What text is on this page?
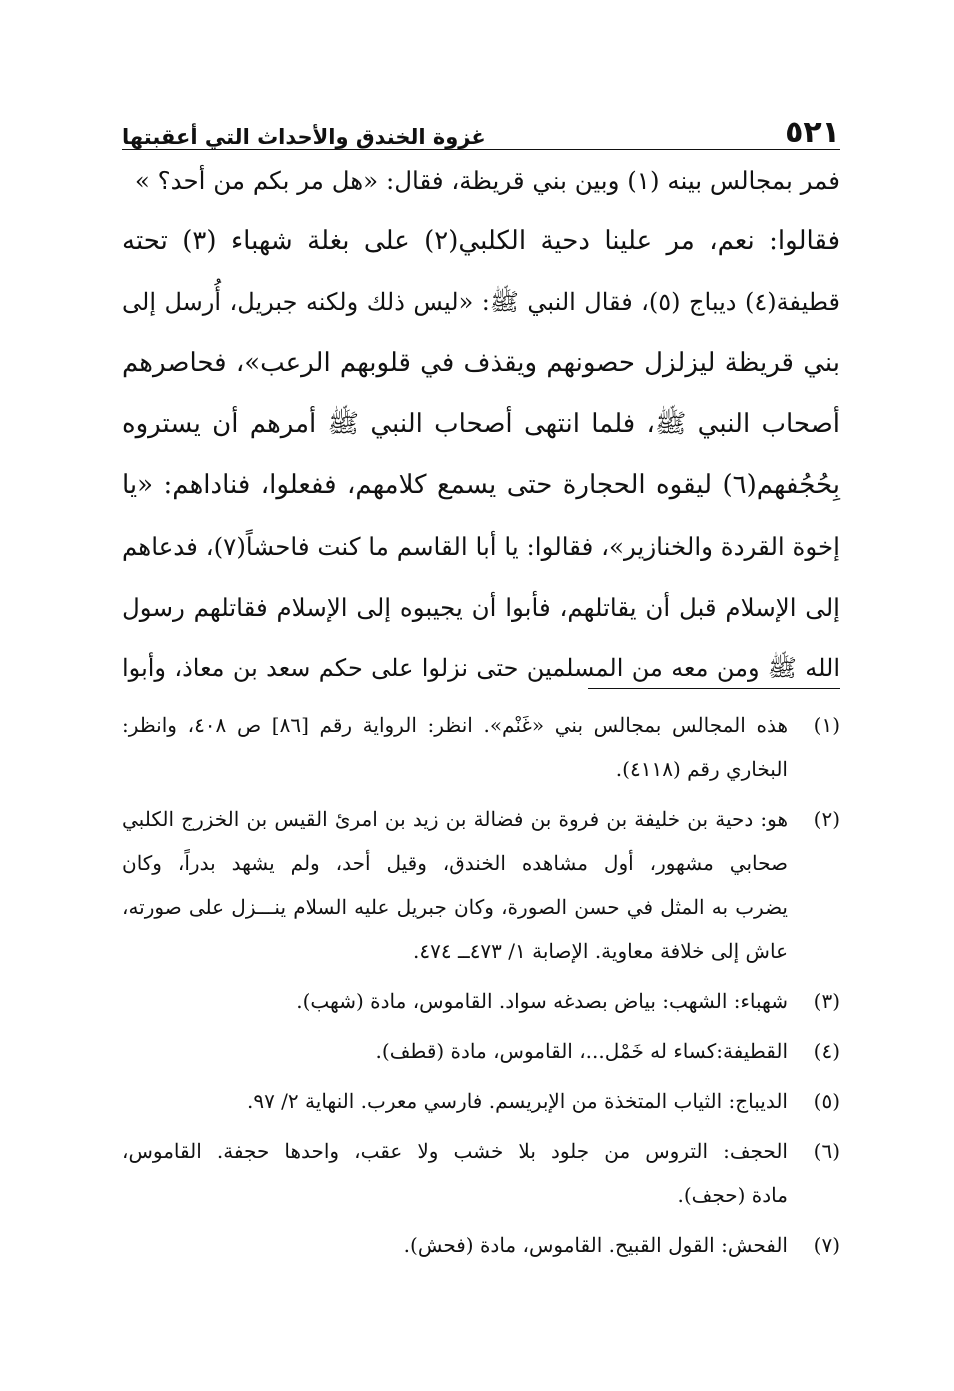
٥٢١
غزوة الخندق والأحداث التي أعقبتها
فمر بمجالس بينه (١) وبين بني قريظة، فقال: «هل مر بكم من أحد؟ »
فقالوا: نعم، مر علينا دحية الكلبي(٢) على بغلة شهباء (٣) تحته
قطيفة(٤) ديباج (٥)، فقال النبي ﷺ: «ليس ذلك ولكنه جبريل، أُرسل إلى
بني قريظة ليزلزل حصونهم ويقذف في قلوبهم الرعب»، فحاصرهم
أصحاب النبي ﷺ، فلما انتهى أصحاب النبي ﷺ أمرهم أن يستروه
بِحُجُفهم(٦) ليقوه الحجارة حتى يسمع كلامهم، ففعلوا، فناداهم: «يا
إخوة القردة والخنازير»، فقالوا: يا أبا القاسم ما كنت فاحشاً(٧)، فدعاهم
إلى الإسلام قبل أن يقاتلهم، فأبوا أن يجيبوه إلى الإسلام فقاتلهم رسول
الله ﷺ ومن معه من المسلمين حتى نزلوا على حكم سعد بن معاذ، وأبوا
(١)
هذه المجالس بمجالس بني «غَنْم». انظر: الرواية رقم [٨٦] ص ٤٠٨، وانظر:
البخاري رقم (٤١١٨).
(٢)
هو: دحية بن خليفة بن فروة بن فضالة بن زيد بن امرئ القيس بن الخزرج الكلبي
صحابي مشهور، أول مشاهده الخندق، وقيل أحد، ولم يشهد بدراً، وكان
يضرب به المثل في حسن الصورة، وكان جبريل عليه السلام ينـــزل على صورته،
عاش إلى خلافة معاوية. الإصابة ١/ ٤٧٣ــ ٤٧٤.
(٣)
شهباء: الشهب: بياض بصدغه سواد. القاموس، مادة (شهب).
(٤)
القطيفة:كساء له خَمْل...، القاموس، مادة (قطف).
(٥)
الديباج: الثياب المتخذة من الإبريسم. فارسي معرب. النهاية ٢/ ٩٧.
(٦)
الحجف: التروس من جلود بلا خشب ولا عقب، واحدها حجفة. القاموس،
مادة (حجف).
(٧)
الفحش: القول القبيح. القاموس، مادة (فحش).
